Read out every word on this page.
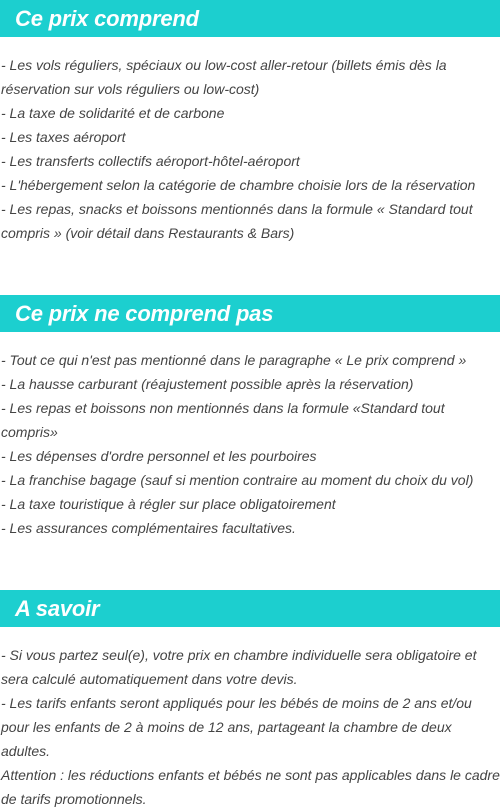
Ce prix comprend
- Les vols réguliers, spéciaux ou low-cost aller-retour (billets émis dès la réservation sur vols réguliers ou low-cost)
- La taxe de solidarité et de carbone
- Les taxes aéroport
- Les transferts collectifs aéroport-hôtel-aéroport
- L'hébergement selon la catégorie de chambre choisie lors de la réservation
- Les repas, snacks et boissons mentionnés dans la formule « Standard tout compris » (voir détail dans Restaurants & Bars)
Ce prix ne comprend pas
- Tout ce qui n'est pas mentionné dans le paragraphe « Le prix comprend »
- La hausse carburant (réajustement possible après la réservation)
- Les repas et boissons non mentionnés dans la formule «Standard tout compris»
- Les dépenses d'ordre personnel et les pourboires
- La franchise bagage (sauf si mention contraire au moment du choix du vol)
- La taxe touristique à régler sur place obligatoirement
- Les assurances complémentaires facultatives.
A savoir
- Si vous partez seul(e), votre prix en chambre individuelle sera obligatoire et sera calculé automatiquement dans votre devis.
- Les tarifs enfants seront appliqués pour les bébés de moins de 2 ans et/ou pour les enfants de 2 à moins de 12 ans, partageant la chambre de deux adultes.
Attention : les réductions enfants et bébés ne sont pas applicables dans le cadre de tarifs promotionnels.
